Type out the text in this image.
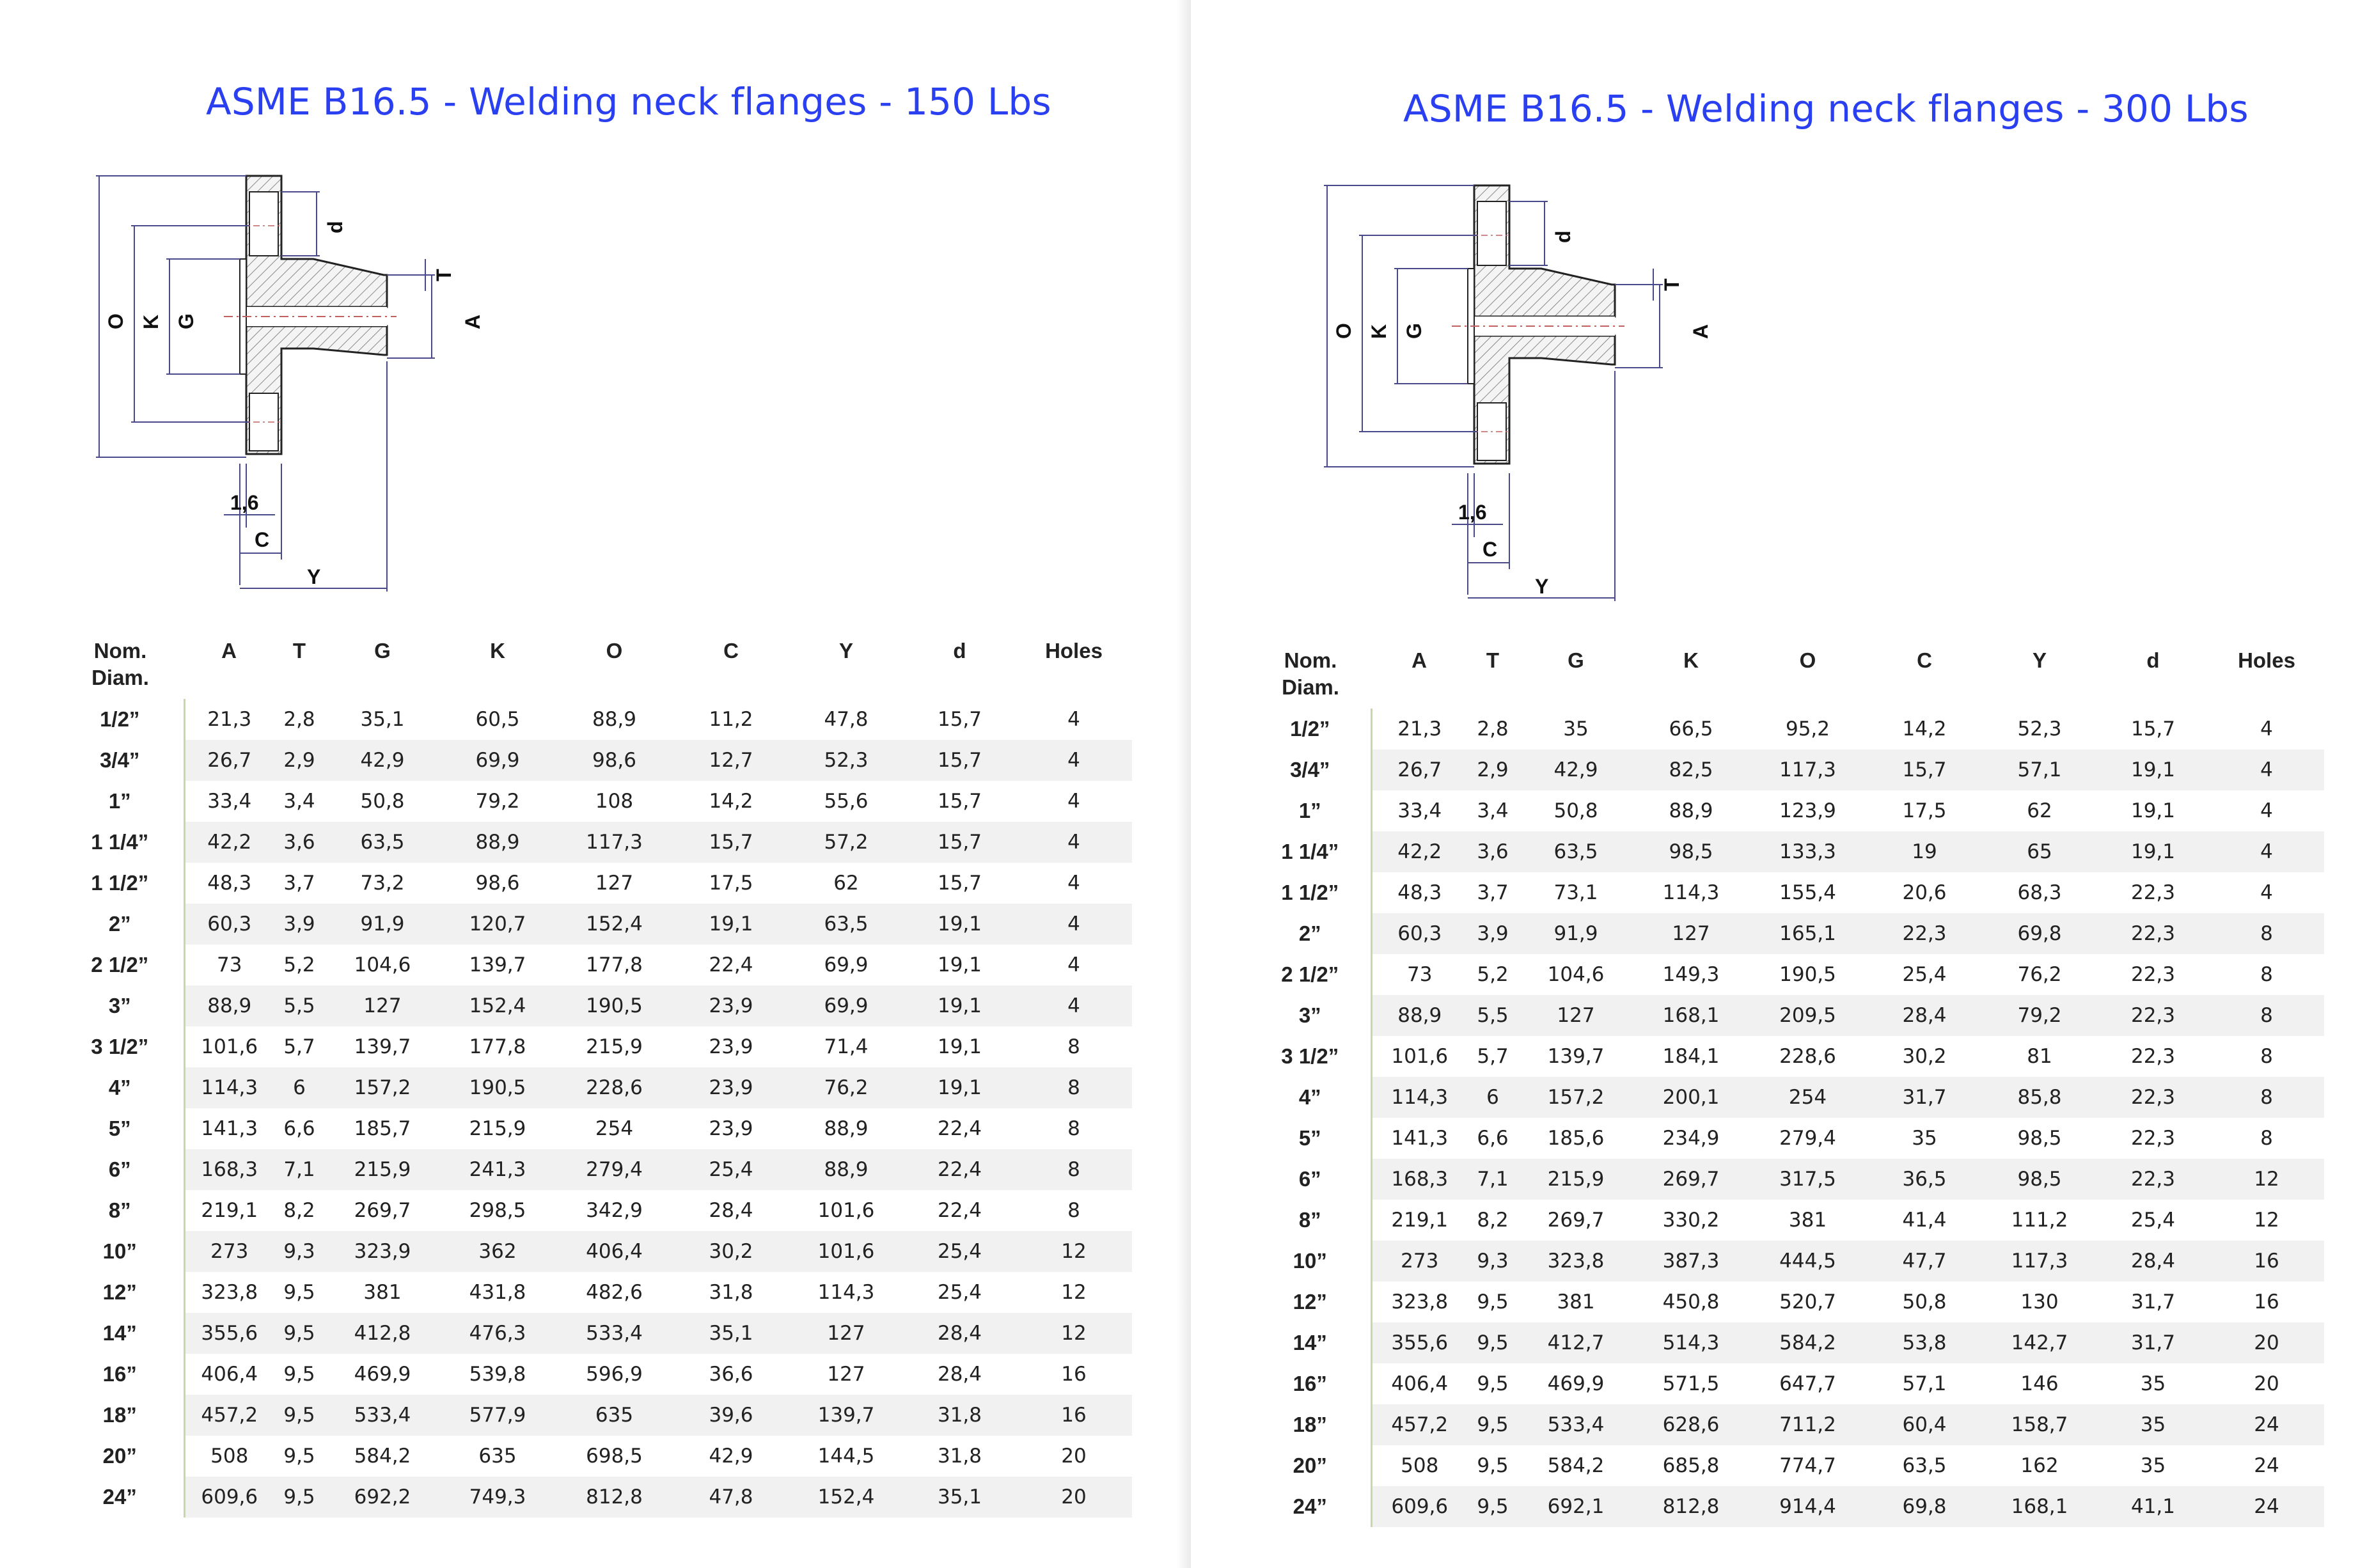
ASME B16.5 - Welding neck flanges - 150 Lbs
O K G
d
T
A
1,6
C
Y
Nom.
Diam.	A	T	G	K	O	C	Y	d	Holes
1/2”	21,3	2,8	35,1	60,5	88,9	11,2	47,8	15,7	4
3/4”	26,7	2,9	42,9	69,9	98,6	12,7	52,3	15,7	4
1”	33,4	3,4	50,8	79,2	108	14,2	55,6	15,7	4
1 1/4”	42,2	3,6	63,5	88,9	117,3	15,7	57,2	15,7	4
1 1/2”	48,3	3,7	73,2	98,6	127	17,5	62	15,7	4
2”	60,3	3,9	91,9	120,7	152,4	19,1	63,5	19,1	4
2 1/2”	73	5,2	104,6	139,7	177,8	22,4	69,9	19,1	4
3”	88,9	5,5	127	152,4	190,5	23,9	69,9	19,1	4
3 1/2”	101,6	5,7	139,7	177,8	215,9	23,9	71,4	19,1	8
4”	114,3	6	157,2	190,5	228,6	23,9	76,2	19,1	8
5”	141,3	6,6	185,7	215,9	254	23,9	88,9	22,4	8
6”	168,3	7,1	215,9	241,3	279,4	25,4	88,9	22,4	8
8”	219,1	8,2	269,7	298,5	342,9	28,4	101,6	22,4	8
10”	273	9,3	323,9	362	406,4	30,2	101,6	25,4	12
12”	323,8	9,5	381	431,8	482,6	31,8	114,3	25,4	12
14”	355,6	9,5	412,8	476,3	533,4	35,1	127	28,4	12
16”	406,4	9,5	469,9	539,8	596,9	36,6	127	28,4	16
18”	457,2	9,5	533,4	577,9	635	39,6	139,7	31,8	16
20”	508	9,5	584,2	635	698,5	42,9	144,5	31,8	20
24”	609,6	9,5	692,2	749,3	812,8	47,8	152,4	35,1	20
ASME B16.5 - Welding neck flanges - 300 Lbs
O K G
d
T
A
1,6
C
Y
Nom.
Diam.	A	T	G	K	O	C	Y	d	Holes
1/2”	21,3	2,8	35	66,5	95,2	14,2	52,3	15,7	4
3/4”	26,7	2,9	42,9	82,5	117,3	15,7	57,1	19,1	4
1”	33,4	3,4	50,8	88,9	123,9	17,5	62	19,1	4
1 1/4”	42,2	3,6	63,5	98,5	133,3	19	65	19,1	4
1 1/2”	48,3	3,7	73,1	114,3	155,4	20,6	68,3	22,3	4
2”	60,3	3,9	91,9	127	165,1	22,3	69,8	22,3	8
2 1/2”	73	5,2	104,6	149,3	190,5	25,4	76,2	22,3	8
3”	88,9	5,5	127	168,1	209,5	28,4	79,2	22,3	8
3 1/2”	101,6	5,7	139,7	184,1	228,6	30,2	81	22,3	8
4”	114,3	6	157,2	200,1	254	31,7	85,8	22,3	8
5”	141,3	6,6	185,6	234,9	279,4	35	98,5	22,3	8
6”	168,3	7,1	215,9	269,7	317,5	36,5	98,5	22,3	12
8”	219,1	8,2	269,7	330,2	381	41,4	111,2	25,4	12
10”	273	9,3	323,8	387,3	444,5	47,7	117,3	28,4	16
12”	323,8	9,5	381	450,8	520,7	50,8	130	31,7	16
14”	355,6	9,5	412,7	514,3	584,2	53,8	142,7	31,7	20
16”	406,4	9,5	469,9	571,5	647,7	57,1	146	35	20
18”	457,2	9,5	533,4	628,6	711,2	60,4	158,7	35	24
20”	508	9,5	584,2	685,8	774,7	63,5	162	35	24
24”	609,6	9,5	692,1	812,8	914,4	69,8	168,1	41,1	24
